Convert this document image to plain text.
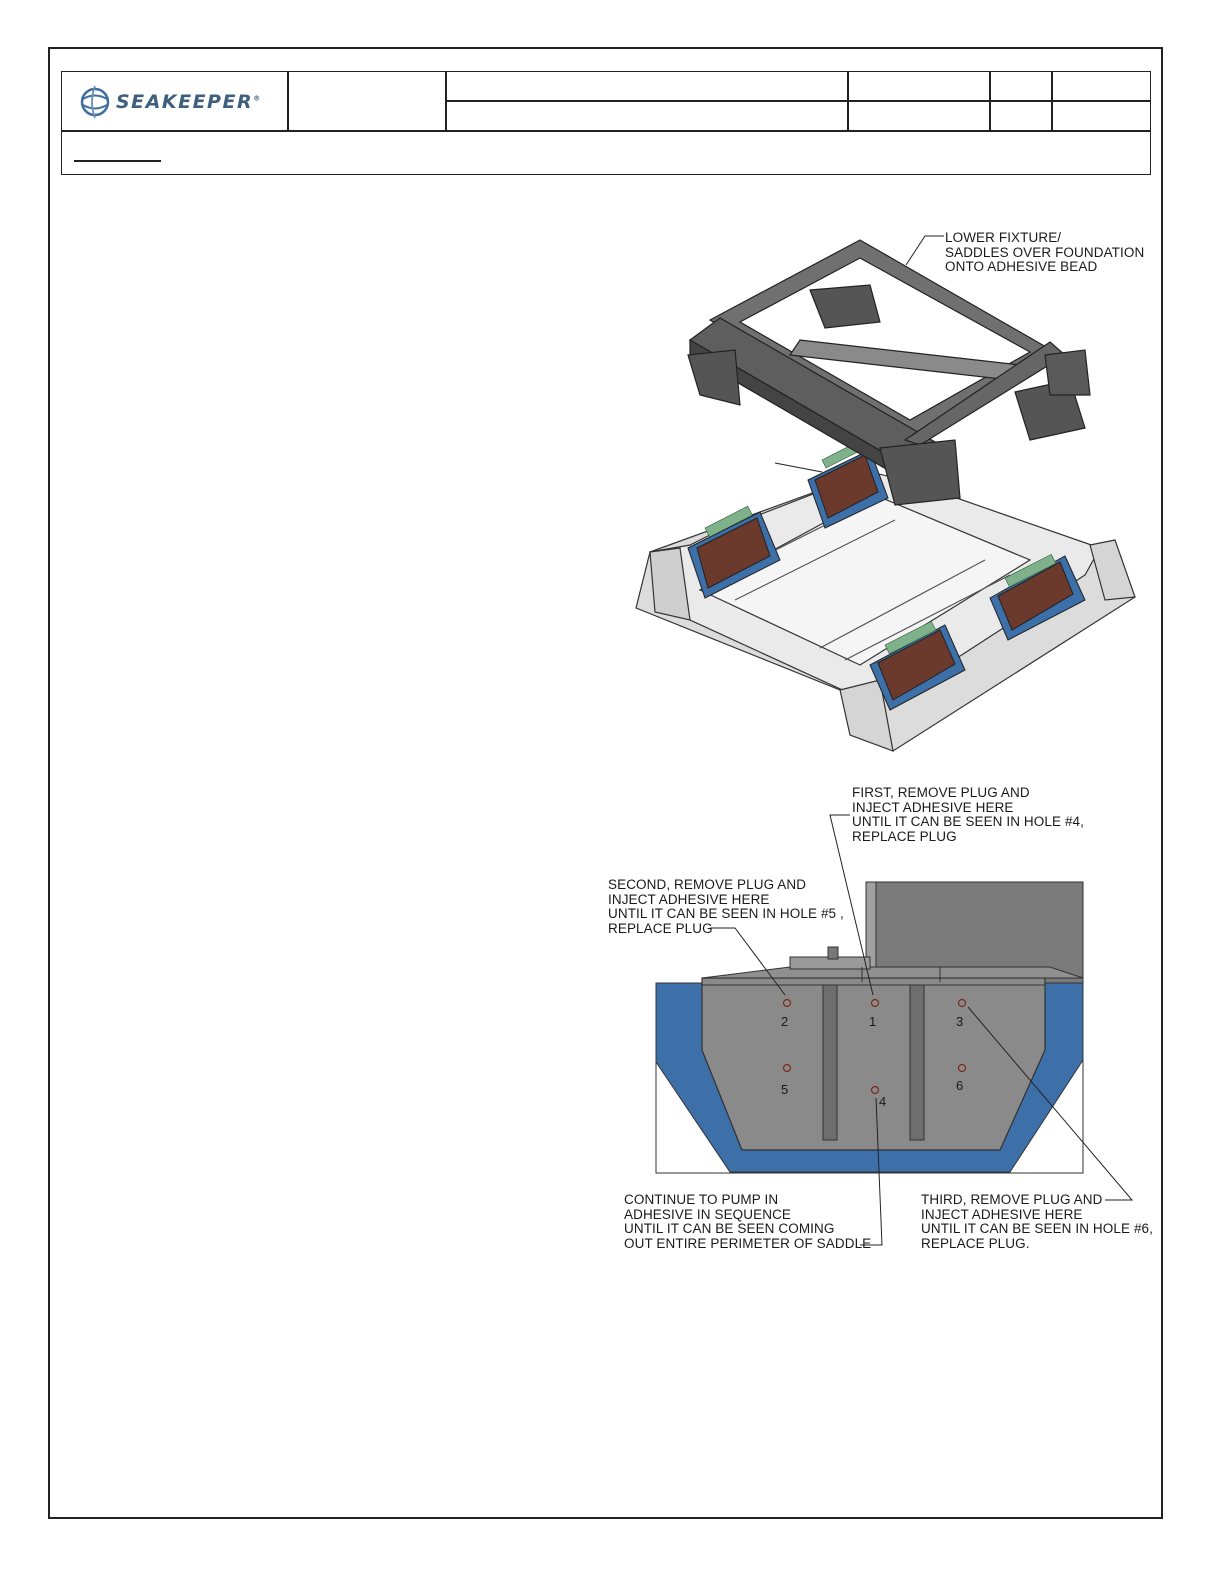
SEAKEEPER®
1
2	3
4
5	6
LOWER FIXTURE/
SADDLES OVER FOUNDATION
ONTO ADHESIVE BEAD
FIRST, REMOVE PLUG AND
INJECT ADHESIVE HERE
UNTIL IT CAN BE SEEN IN HOLE #4,
REPLACE PLUG
SECOND, REMOVE PLUG AND
INJECT ADHESIVE HERE
UNTIL IT CAN BE SEEN IN HOLE #5 ,
REPLACE PLUG
CONTINUE TO PUMP IN
ADHESIVE IN SEQUENCE
UNTIL IT CAN BE SEEN COMING
OUT ENTIRE PERIMETER OF SADDLE
THIRD, REMOVE PLUG AND
INJECT ADHESIVE HERE
UNTIL IT CAN BE SEEN IN HOLE #6,
REPLACE PLUG.
